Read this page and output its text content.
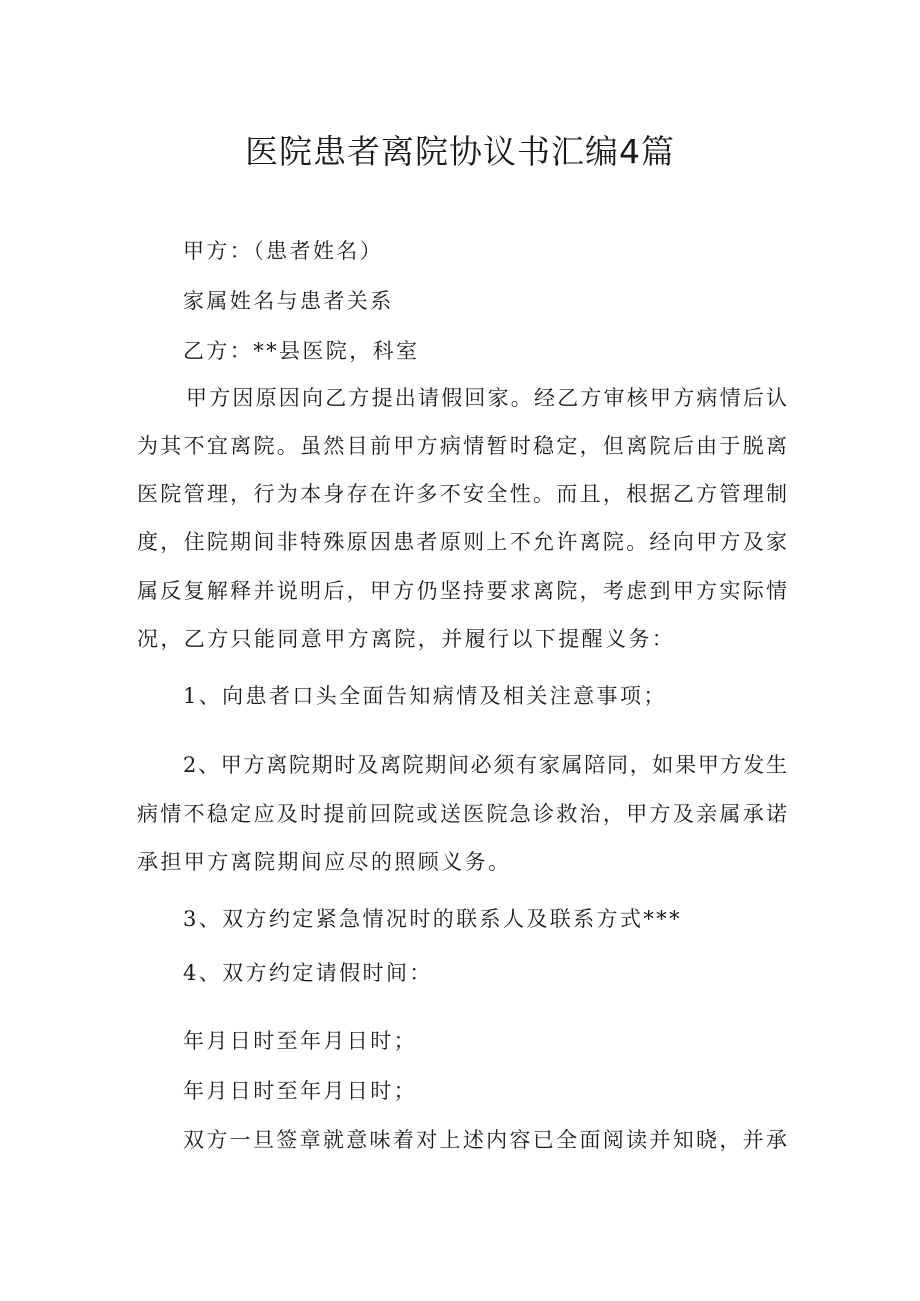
医院患者离院协议书汇编4篇
甲方：（患者姓名）
家属姓名与患者关系
乙方：**县医院，科室
甲方因原因向乙方提出请假回家。经乙方审核甲方病情后认
为其不宜离院。虽然目前甲方病情暂时稳定，但离院后由于脱离
医院管理，行为本身存在许多不安全性。而且，根据乙方管理制
度，住院期间非特殊原因患者原则上不允许离院。经向甲方及家
属反复解释并说明后，甲方仍坚持要求离院，考虑到甲方实际情
况，乙方只能同意甲方离院，并履行以下提醒义务：
1、向患者口头全面告知病情及相关注意事项；
2、甲方离院期时及离院期间必须有家属陪同，如果甲方发生
病情不稳定应及时提前回院或送医院急诊救治，甲方及亲属承诺
承担甲方离院期间应尽的照顾义务。
3、双方约定紧急情况时的联系人及联系方式***
4、双方约定请假时间：
年月日时至年月日时；
年月日时至年月日时；
双方一旦签章就意味着对上述内容已全面阅读并知晓，并承
